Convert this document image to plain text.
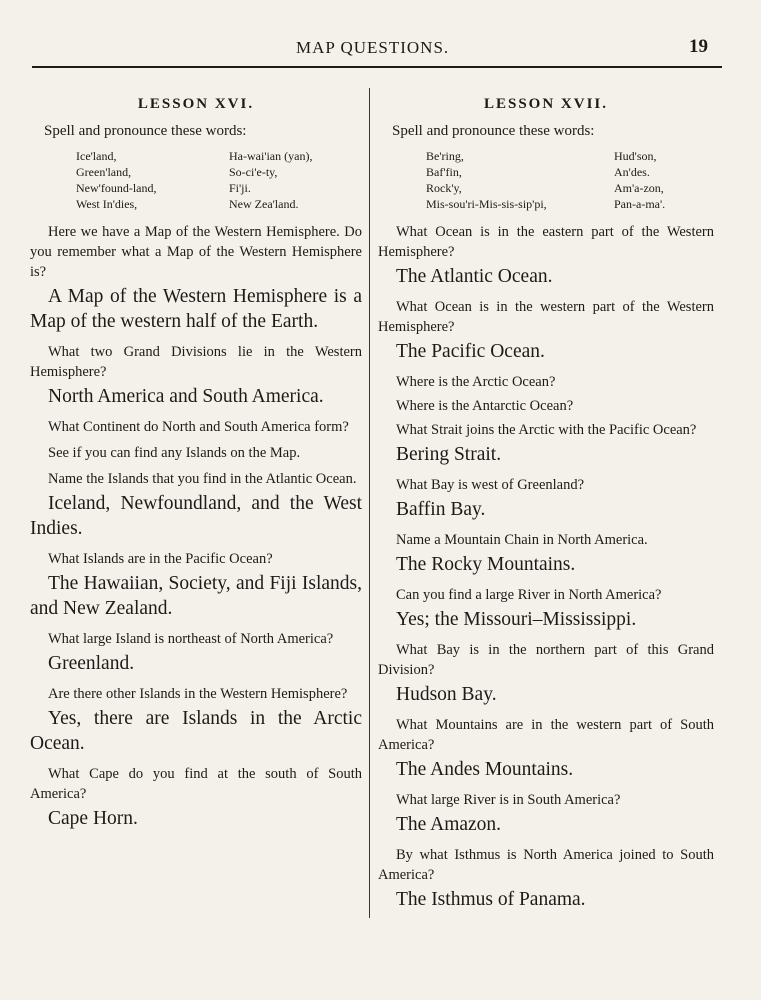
MAP QUESTIONS.	19
LESSON XVI.
Spell and pronounce these words:
Ice'land,	Ha-wai'ian (yan),
Green'land,	So-ci'e-ty,
New'found-land,	Fi'ji.
West In'dies,	New Zea'land.

Here we have a Map of the Western Hemisphere. Do you remember what a Map of the Western Hemisphere is?

A Map of the Western Hemisphere is a Map of the western half of the Earth.

What two Grand Divisions lie in the Western Hemisphere?

North America and South America.

What Continent do North and South America form?

See if you can find any Islands on the Map.

Name the Islands that you find in the Atlantic Ocean.

Iceland, Newfoundland, and the West Indies.

What Islands are in the Pacific Ocean?

The Hawaiian, Society, and Fiji Islands, and New Zealand.

What large Island is northeast of North America?

Greenland.

Are there other Islands in the Western Hemisphere?

Yes, there are Islands in the Arctic Ocean.

What Cape do you find at the south of South America?

Cape Horn.

LESSON XVII.
Spell and pronounce these words:
Be'ring,	Hud'son,
Baf'fin,	An'des.
Rock'y,	Am'a-zon,
Mis-sou'ri-Mis-sis-sip'pi,	Pan-a-ma'.

What Ocean is in the eastern part of the Western Hemisphere?

The Atlantic Ocean.

What Ocean is in the western part of the Western Hemisphere?

The Pacific Ocean.

Where is the Arctic Ocean?

Where is the Antarctic Ocean?

What Strait joins the Arctic with the Pacific Ocean?

Bering Strait.

What Bay is west of Greenland?

Baffin Bay.

Name a Mountain Chain in North America.

The Rocky Mountains.

Can you find a large River in North America?

Yes; the Missouri–Mississippi.

What Bay is in the northern part of this Grand Division?

Hudson Bay.

What Mountains are in the western part of South America?

The Andes Mountains.

What large River is in South America?

The Amazon.

By what Isthmus is North America joined to South America?

The Isthmus of Panama.
